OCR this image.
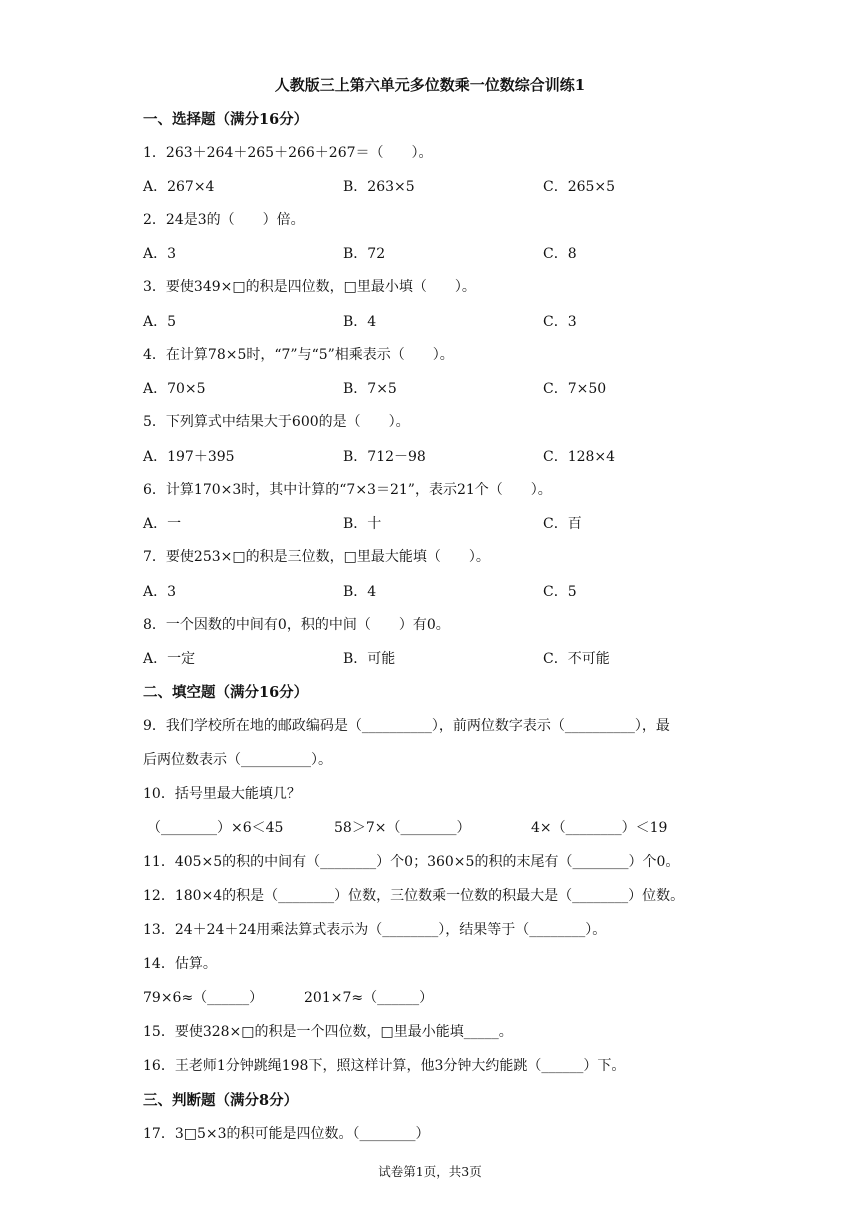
人教版三上第六单元多位数乘一位数综合训练1
一、选择题（满分16分）
1．263＋264＋265＋266＋267＝（　　）。
A．267×4	B．263×5	C．265×5
2．24是3的（　　）倍。
A．3	B．72	C．8
3．要使349×□的积是四位数，□里最小填（　　）。
A．5	B．4	C．3
4．在计算78×5时，“7”与“5”相乘表示（　　）。
A．70×5	B．7×5	C．7×50
5．下列算式中结果大于600的是（　　）。
A．197＋395	B．712－98	C．128×4
6．计算170×3时，其中计算的“7×3＝21”，表示21个（　　）。
A．一	B．十	C．百
7．要使253×□的积是三位数，□里最大能填（　　）。
A．3	B．4	C．5
8．一个因数的中间有0，积的中间（　　）有0。
A．一定	B．可能	C．不可能
二、填空题（满分16分）
9．我们学校所在地的邮政编码是（__________），前两位数字表示（__________），最
后两位数表示（__________）。
10．括号里最大能填几？
（________）×6＜45	58＞7×（________）	4×（________）＜19
11．405×5的积的中间有（________）个0；360×5的积的末尾有（________）个0。
12．180×4的积是（________）位数，三位数乘一位数的积最大是（________）位数。
13．24＋24＋24用乘法算式表示为（________），结果等于（________）。
14．估算。
79×6≈（______）	201×7≈（______）
15．要使328×□的积是一个四位数，□里最小能填_____。
16．王老师1分钟跳绳198下，照这样计算，他3分钟大约能跳（______）下。
三、判断题（满分8分）
17．3□5×3的积可能是四位数。（________）
试卷第1页，共3页
